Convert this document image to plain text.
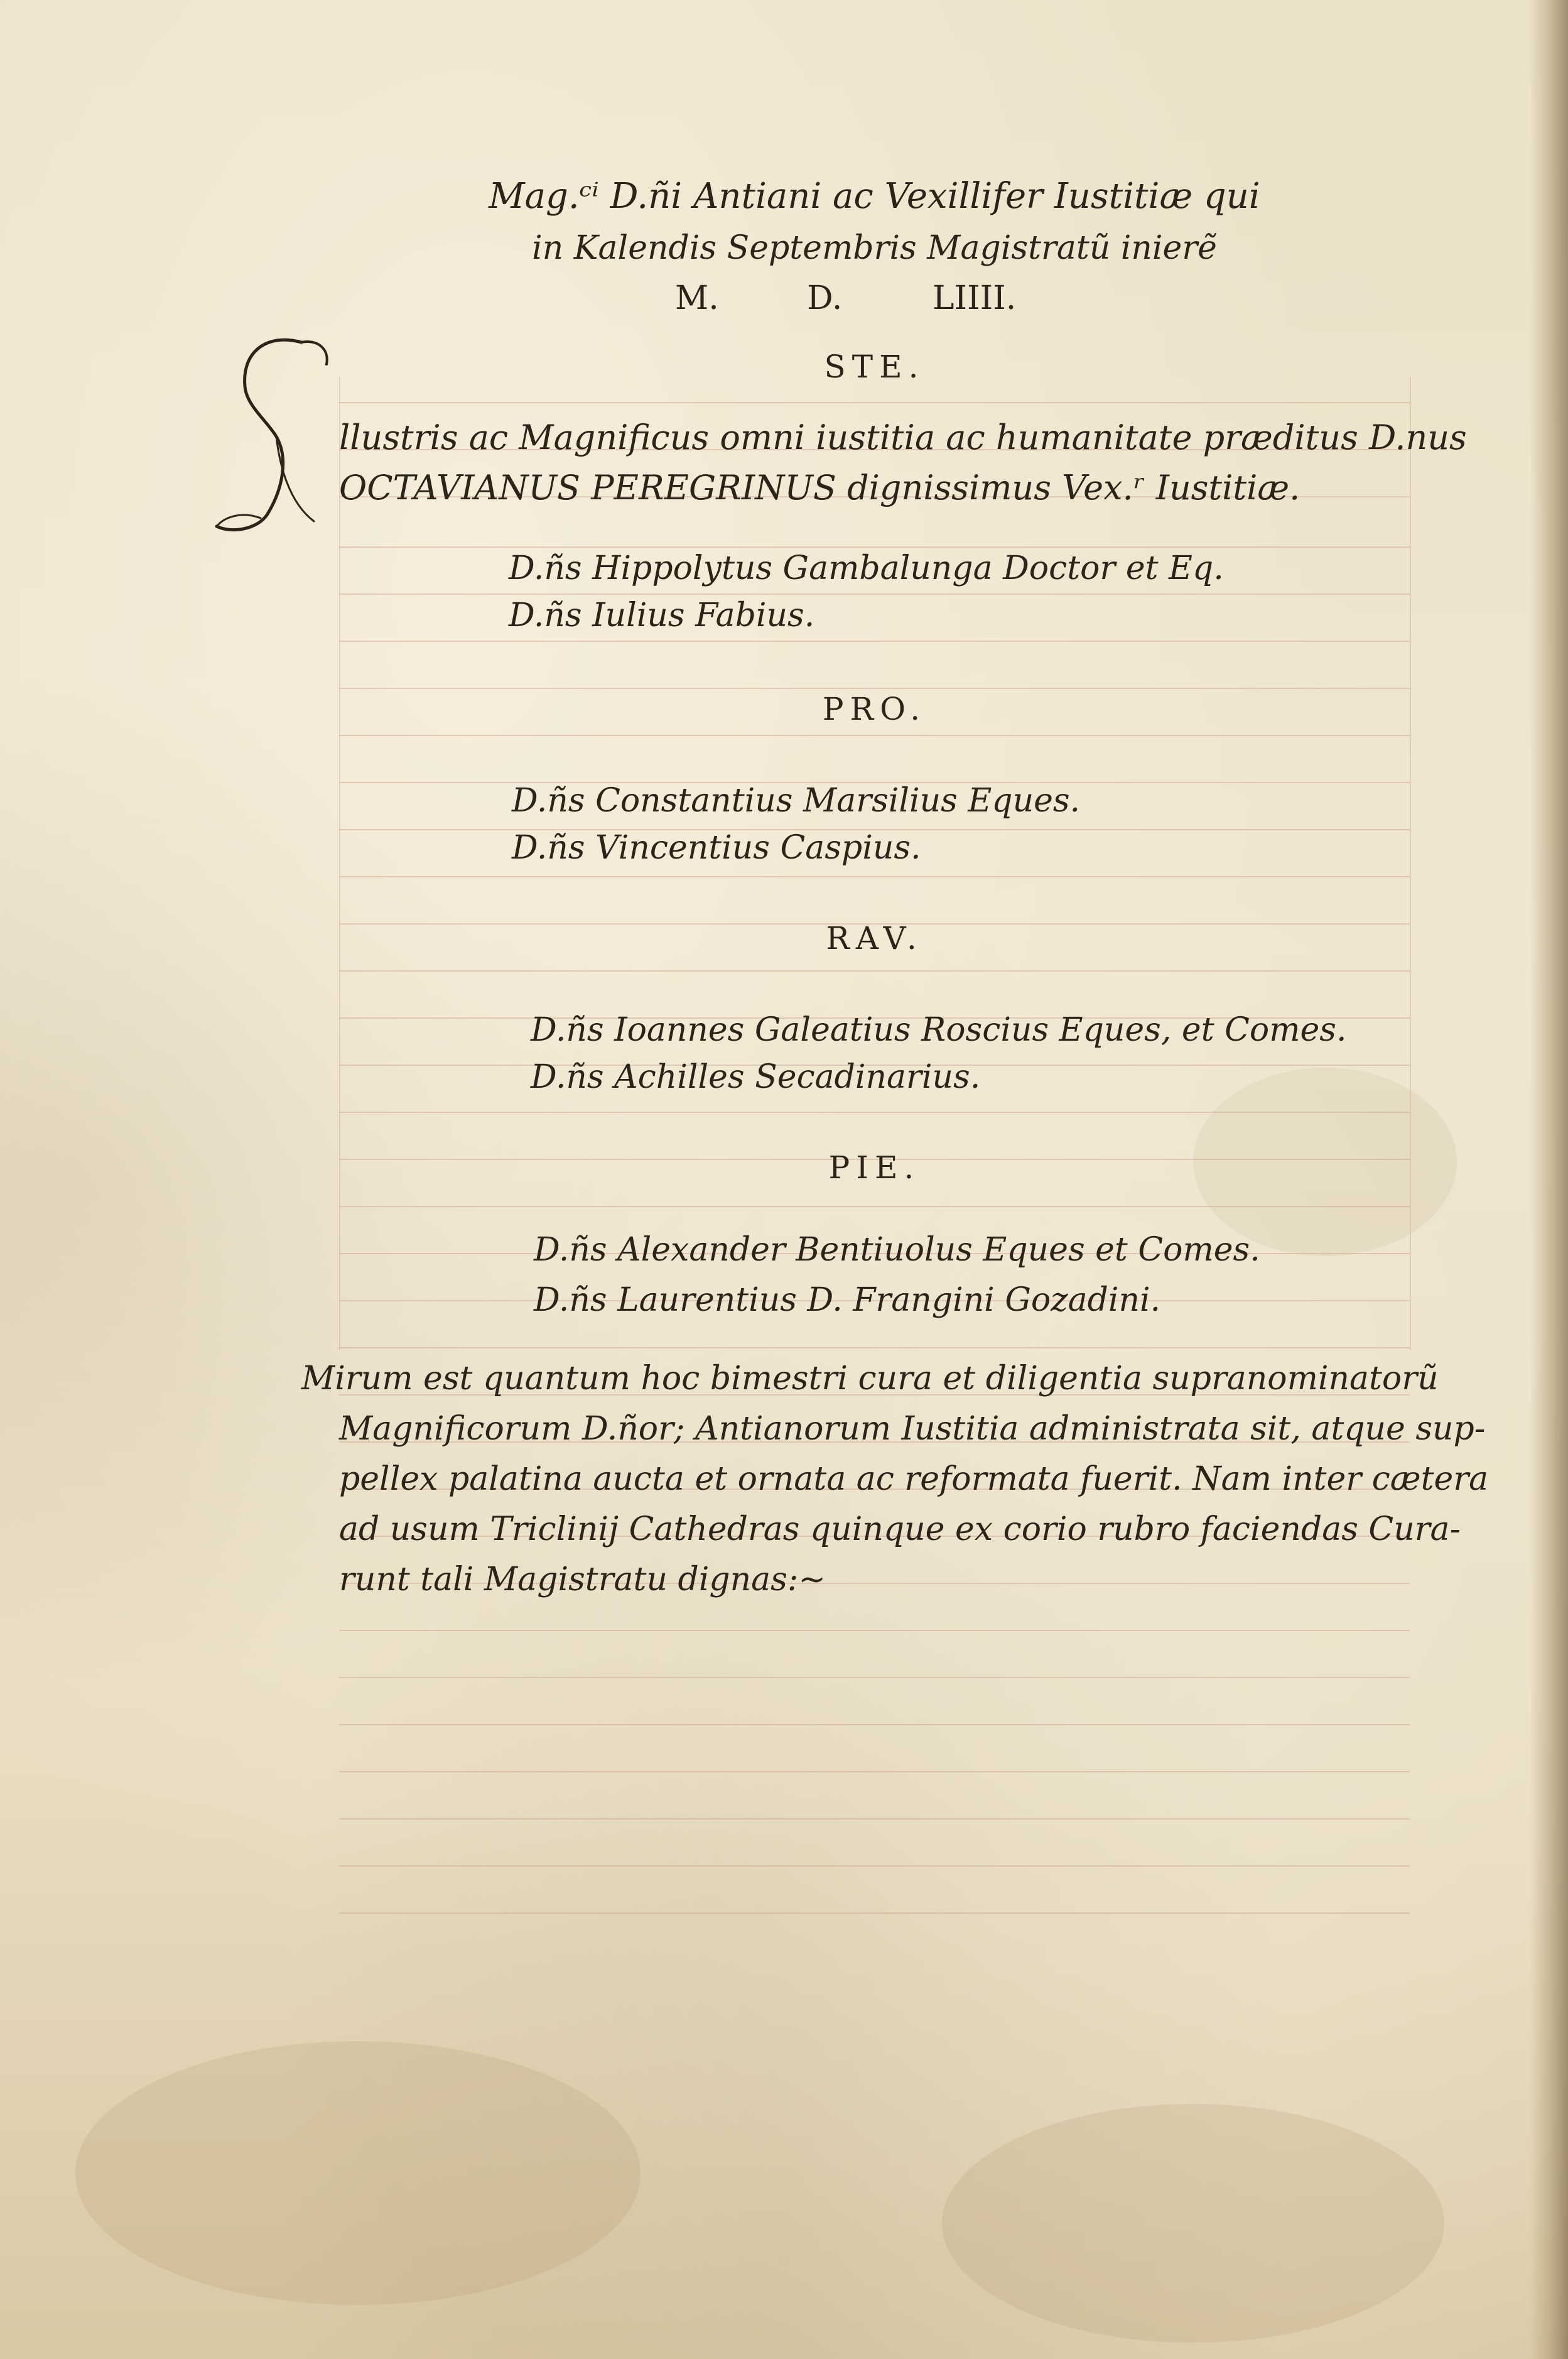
Mag.ᶜⁱ D.ñi Antiani ac Vexillifer Iustitiæ qui
in Kalendis Septembris Magistratũ inierẽ
M.	D.	LIIII.
STE.
llustris ac Magnificus omni iustitia ac humanitate præditus D.nus
OCTAVIANUS PEREGRINUS dignissimus Vex.ʳ Iustitiæ.
D.ñs Hippolytus Gambalunga Doctor et Eq.
D.ñs Iulius Fabius.
PRO.
D.ñs Constantius Marsilius Eques.
D.ñs Vincentius Caspius.
RAV.
D.ñs Ioannes Galeatius Roscius Eques, et Comes.
D.ñs Achilles Secadinarius.
PIE.
D.ñs Alexander Bentiuolus Eques et Comes.
D.ñs Laurentius D. Frangini Gozadini.
Mirum est quantum hoc bimestri cura et diligentia supranominatorũ
Magnificorum D.ñor; Antianorum Iustitia administrata sit, atque sup-
pellex palatina aucta et ornata ac reformata fuerit. Nam inter cætera
ad usum Triclinij Cathedras quinque ex corio rubro faciendas Cura-
runt tali Magistratu dignas:~
